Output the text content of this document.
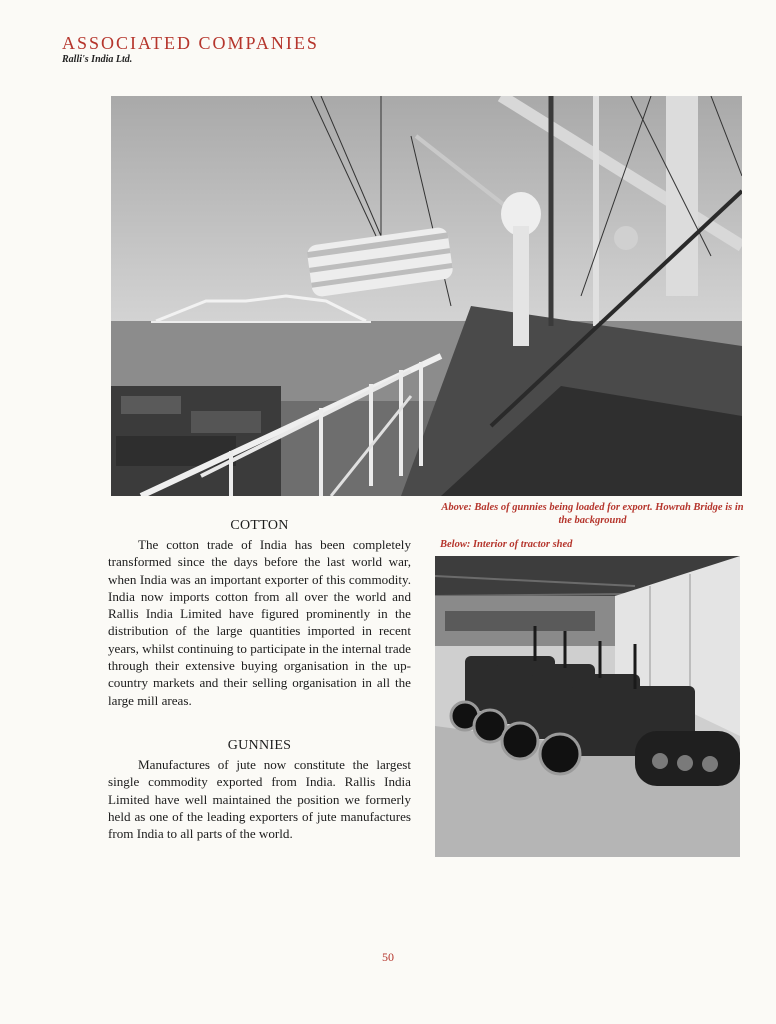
ASSOCIATED COMPANIES
Ralli's India Ltd.
Above: Bales of gunnies being loaded for export. Howrah Bridge is in the background
Below: Interior of tractor shed
COTTON

The cotton trade of India has been completely transformed since the days before the last world war, when India was an important exporter of this commodity. India now imports cotton from all over the world and Rallis India Limited have figured prominently in the distribution of the large quantities imported in recent years, whilst continuing to participate in the internal trade through their extensive buying organisation in the up-country markets and their selling organisation in all the large mill areas.

GUNNIES

Manufactures of jute now constitute the largest single commodity exported from India. Rallis India Limited have well maintained the position we formerly held as one of the leading exporters of jute manufactures from India to all parts of the world.

50
